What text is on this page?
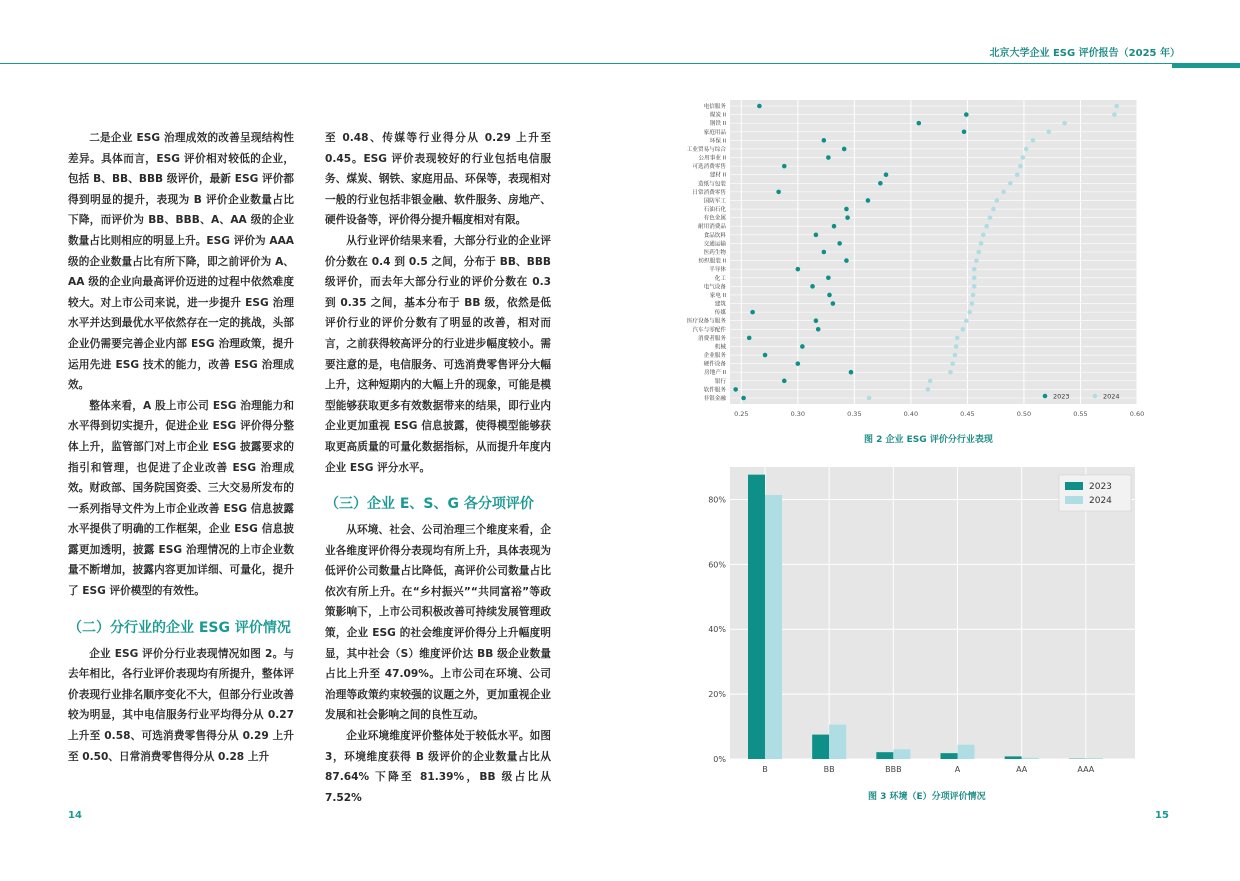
北京大学企业 ESG 评价报告（2025 年）

二是企业 ESG 治理成效的改善呈现结构性差异。具体而言，ESG 评价相对较低的企业，包括 B、BB、BBB 级评价，最新 ESG 评价都得到明显的提升，表现为 B 评价企业数量占比下降，而评价为 BB、BBB、A、AA 级的企业数量占比则相应的明显上升。ESG 评价为 AAA 级的企业数量占比有所下降，即之前评价为 A、AA 级的企业向最高评价迈进的过程中依然难度较大。对上市公司来说，进一步提升 ESG 治理水平并达到最优水平依然存在一定的挑战，头部企业仍需要完善企业内部 ESG 治理政策，提升运用先进 ESG 技术的能力，改善 ESG 治理成效。

整体来看，A 股上市公司 ESG 治理能力和水平得到切实提升，促进企业 ESG 评价得分整体上升，监管部门对上市企业 ESG 披露要求的指引和管理，也促进了企业改善 ESG 治理成效。财政部、国务院国资委、三大交易所发布的一系列指导文件为上市企业改善 ESG 信息披露水平提供了明确的工作框架，企业 ESG 信息披露更加透明，披露 ESG 治理情况的上市企业数量不断增加，披露内容更加详细、可量化，提升了 ESG 评价模型的有效性。

（二）分行业的企业 ESG 评价情况

企业 ESG 评价分行业表现情况如图 2。与去年相比，各行业评价表现均有所提升，整体评价表现行业排名顺序变化不大，但部分行业改善较为明显，其中电信服务行业平均得分从 0.27 上升至 0.58、可选消费零售得分从 0.29 上升至 0.50、日常消费零售得分从 0.28 上升

至 0.48、传媒等行业得分从 0.29 上升至 0.45。ESG 评价表现较好的行业包括电信服务、煤炭、钢铁、家庭用品、环保等，表现相对一般的行业包括非银金融、软件服务、房地产、硬件设备等，评价得分提升幅度相对有限。

从行业评价结果来看，大部分行业的企业评价分数在 0.4 到 0.5 之间，分布于 BB、BBB 级评价，而去年大部分行业的评价分数在 0.3 到 0.35 之间，基本分布于 BB 级，依然是低评价行业的评价分数有了明显的改善，相对而言，之前获得较高评分的行业进步幅度较小。需要注意的是，电信服务、可选消费零售评分大幅上升，这种短期内的大幅上升的现象，可能是模型能够获取更多有效数据带来的结果，即行业内企业更加重视 ESG 信息披露，使得模型能够获取更高质量的可量化数据指标，从而提升年度内企业 ESG 评分水平。

（三）企业 E、S、G 各分项评价

从环境、社会、公司治理三个维度来看，企业各维度评价得分表现均有所上升，具体表现为低评价公司数量占比降低，高评价公司数量占比依次有所上升。在“乡村振兴”“共同富裕”等政策影响下，上市公司积极改善可持续发展管理政策，企业 ESG 的社会维度评价得分上升幅度明显，其中社会（S）维度评价达 BB 级企业数量占比上升至 47.09%。上市公司在环境、公司治理等政策约束较强的议题之外，更加重视企业发展和社会影响之间的良性互动。

企业环境维度评价整体处于较低水平。如图 3，环境维度获得 B 级评价的企业数量占比从 87.64% 下降至 81.39%，BB 级占比从 7.52%

0.25	0.30	0.35	0.40	0.45	0.50	0.55	0.60
电信服务
煤炭 II
钢铁 II
家庭用品
环保 II
工业贸易与综合
公用事业 II
可选消费零售
建材 II
造纸与包装
日常消费零售
国防军工
石油石化
有色金属
耐用消费品
食品饮料
交通运输
医药生物
纺织服装 II
半导体
化工
电气设备
家电 II
建筑
传媒
医疗设备与服务
汽车与零配件
消费者服务
机械
企业服务
硬件设备
房地产 II
银行
软件服务
非银金融	2023	2024
图 2 企业 ESG 评价分行业表现
0%
20%
40%
60%
80%
B	BB	BBB	A	AA	AAA
2023
2024
图 3 环境（E）分项评价情况
14	15
